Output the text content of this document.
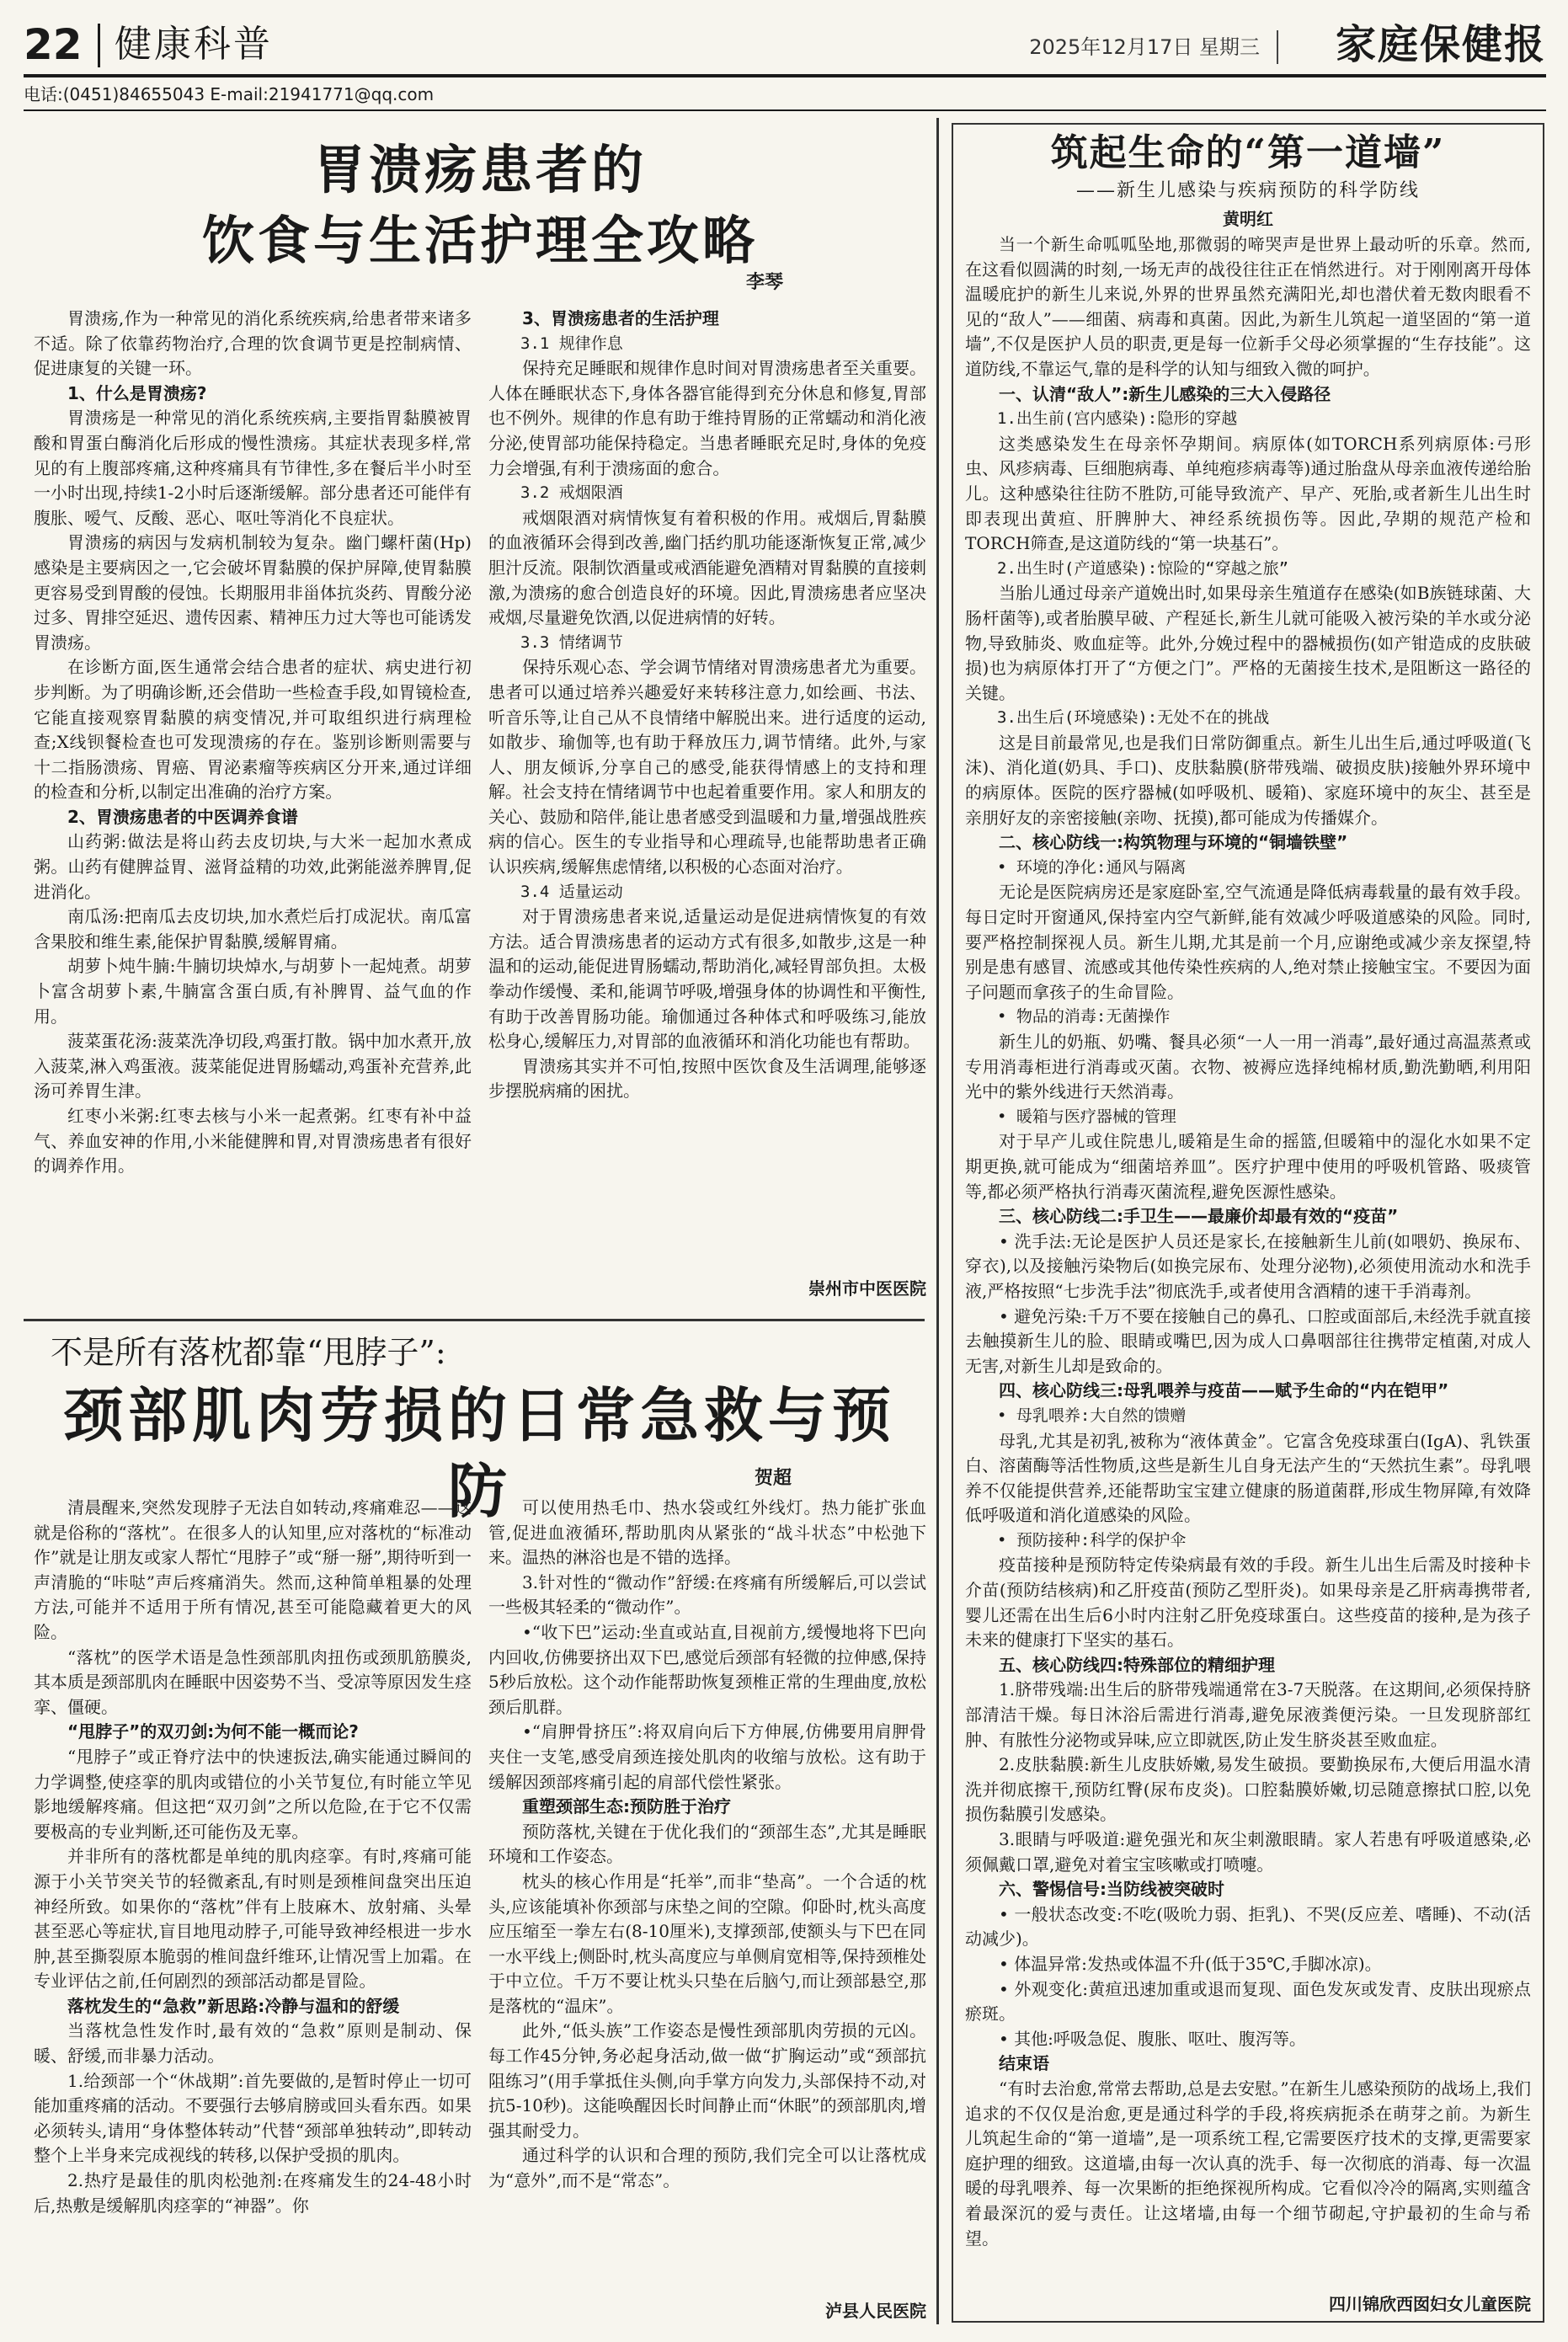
22 健康科普	2025年12月17日 星期三 家庭保健报
电话:(0451)84655043 E-mail:21941771@qq.com
胃溃疡患者的
饮食与生活护理全攻略
李琴

胃溃疡,作为一种常见的消化系统疾病,给患者带来诸多不适。除了依靠药物治疗,合理的饮食调节更是控制病情、促进康复的关键一环。

1、什么是胃溃疡?

胃溃疡是一种常见的消化系统疾病,主要指胃黏膜被胃酸和胃蛋白酶消化后形成的慢性溃疡。其症状表现多样,常见的有上腹部疼痛,这种疼痛具有节律性,多在餐后半小时至一小时出现,持续1-2小时后逐渐缓解。部分患者还可能伴有腹胀、嗳气、反酸、恶心、呕吐等消化不良症状。

胃溃疡的病因与发病机制较为复杂。幽门螺杆菌(Hp)感染是主要病因之一,它会破坏胃黏膜的保护屏障,使胃黏膜更容易受到胃酸的侵蚀。长期服用非甾体抗炎药、胃酸分泌过多、胃排空延迟、遗传因素、精神压力过大等也可能诱发胃溃疡。

在诊断方面,医生通常会结合患者的症状、病史进行初步判断。为了明确诊断,还会借助一些检查手段,如胃镜检查,它能直接观察胃黏膜的病变情况,并可取组织进行病理检查;X线钡餐检查也可发现溃疡的存在。鉴别诊断则需要与十二指肠溃疡、胃癌、胃泌素瘤等疾病区分开来,通过详细的检查和分析,以制定出准确的治疗方案。

2、胃溃疡患者的中医调养食谱

山药粥:做法是将山药去皮切块,与大米一起加水煮成粥。山药有健脾益胃、滋肾益精的功效,此粥能滋养脾胃,促进消化。

南瓜汤:把南瓜去皮切块,加水煮烂后打成泥状。南瓜富含果胶和维生素,能保护胃黏膜,缓解胃痛。

胡萝卜炖牛腩:牛腩切块焯水,与胡萝卜一起炖煮。胡萝卜富含胡萝卜素,牛腩富含蛋白质,有补脾胃、益气血的作用。

菠菜蛋花汤:菠菜洗净切段,鸡蛋打散。锅中加水煮开,放入菠菜,淋入鸡蛋液。菠菜能促进胃肠蠕动,鸡蛋补充营养,此汤可养胃生津。

红枣小米粥:红枣去核与小米一起煮粥。红枣有补中益气、养血安神的作用,小米能健脾和胃,对胃溃疡患者有很好的调养作用。

3、胃溃疡患者的生活护理
3.1 规律作息

保持充足睡眠和规律作息时间对胃溃疡患者至关重要。人体在睡眠状态下,身体各器官能得到充分休息和修复,胃部也不例外。规律的作息有助于维持胃肠的正常蠕动和消化液分泌,使胃部功能保持稳定。当患者睡眠充足时,身体的免疫力会增强,有利于溃疡面的愈合。

3.2 戒烟限酒

戒烟限酒对病情恢复有着积极的作用。戒烟后,胃黏膜的血液循环会得到改善,幽门括约肌功能逐渐恢复正常,减少胆汁反流。限制饮酒量或戒酒能避免酒精对胃黏膜的直接刺激,为溃疡的愈合创造良好的环境。因此,胃溃疡患者应坚决戒烟,尽量避免饮酒,以促进病情的好转。

3.3 情绪调节

保持乐观心态、学会调节情绪对胃溃疡患者尤为重要。患者可以通过培养兴趣爱好来转移注意力,如绘画、书法、听音乐等,让自己从不良情绪中解脱出来。进行适度的运动,如散步、瑜伽等,也有助于释放压力,调节情绪。此外,与家人、朋友倾诉,分享自己的感受,能获得情感上的支持和理解。社会支持在情绪调节中也起着重要作用。家人和朋友的关心、鼓励和陪伴,能让患者感受到温暖和力量,增强战胜疾病的信心。医生的专业指导和心理疏导,也能帮助患者正确认识疾病,缓解焦虑情绪,以积极的心态面对治疗。

3.4 适量运动

对于胃溃疡患者来说,适量运动是促进病情恢复的有效方法。适合胃溃疡患者的运动方式有很多,如散步,这是一种温和的运动,能促进胃肠蠕动,帮助消化,减轻胃部负担。太极拳动作缓慢、柔和,能调节呼吸,增强身体的协调性和平衡性,有助于改善胃肠功能。瑜伽通过各种体式和呼吸练习,能放松身心,缓解压力,对胃部的血液循环和消化功能也有帮助。

胃溃疡其实并不可怕,按照中医饮食及生活调理,能够逐步摆脱病痛的困扰。

崇州市中医医院
不是所有落枕都靠“甩脖子”:
颈部肌肉劳损的日常急救与预防	贺超

清晨醒来,突然发现脖子无法自如转动,疼痛难忍——这就是俗称的“落枕”。在很多人的认知里,应对落枕的“标准动作”就是让朋友或家人帮忙“甩脖子”或“掰一掰”,期待听到一声清脆的“咔哒”声后疼痛消失。然而,这种简单粗暴的处理方法,可能并不适用于所有情况,甚至可能隐藏着更大的风险。

“落枕”的医学术语是急性颈部肌肉扭伤或颈肌筋膜炎,其本质是颈部肌肉在睡眠中因姿势不当、受凉等原因发生痉挛、僵硬。

“甩脖子”的双刃剑:为何不能一概而论?

“甩脖子”或正脊疗法中的快速扳法,确实能通过瞬间的力学调整,使痉挛的肌肉或错位的小关节复位,有时能立竿见影地缓解疼痛。但这把“双刃剑”之所以危险,在于它不仅需要极高的专业判断,还可能伤及无辜。

并非所有的落枕都是单纯的肌肉痉挛。有时,疼痛可能源于小关节突关节的轻微紊乱,有时则是颈椎间盘突出压迫神经所致。如果你的“落枕”伴有上肢麻木、放射痛、头晕甚至恶心等症状,盲目地甩动脖子,可能导致神经根进一步水肿,甚至撕裂原本脆弱的椎间盘纤维环,让情况雪上加霜。在专业评估之前,任何剧烈的颈部活动都是冒险。

落枕发生的“急救”新思路:冷静与温和的舒缓

当落枕急性发作时,最有效的“急救”原则是制动、保暖、舒缓,而非暴力活动。

1.给颈部一个“休战期”:首先要做的,是暂时停止一切可能加重疼痛的活动。不要强行去够肩膀或回头看东西。如果必须转头,请用“身体整体转动”代替“颈部单独转动”,即转动整个上半身来完成视线的转移,以保护受损的肌肉。

2.热疗是最佳的肌肉松弛剂:在疼痛发生的24-48小时后,热敷是缓解肌肉痉挛的“神器”。你

可以使用热毛巾、热水袋或红外线灯。热力能扩张血管,促进血液循环,帮助肌肉从紧张的“战斗状态”中松弛下来。温热的淋浴也是不错的选择。

3.针对性的“微动作”舒缓:在疼痛有所缓解后,可以尝试一些极其轻柔的“微动作”。

•“收下巴”运动:坐直或站直,目视前方,缓慢地将下巴向内回收,仿佛要挤出双下巴,感觉后颈部有轻微的拉伸感,保持5秒后放松。这个动作能帮助恢复颈椎正常的生理曲度,放松颈后肌群。

•“肩胛骨挤压”:将双肩向后下方伸展,仿佛要用肩胛骨夹住一支笔,感受肩颈连接处肌肉的收缩与放松。这有助于缓解因颈部疼痛引起的肩部代偿性紧张。

重塑颈部生态:预防胜于治疗

预防落枕,关键在于优化我们的“颈部生态”,尤其是睡眠环境和工作姿态。

枕头的核心作用是“托举”,而非“垫高”。一个合适的枕头,应该能填补你颈部与床垫之间的空隙。仰卧时,枕头高度应压缩至一拳左右(8-10厘米),支撑颈部,使额头与下巴在同一水平线上;侧卧时,枕头高度应与单侧肩宽相等,保持颈椎处于中立位。千万不要让枕头只垫在后脑勺,而让颈部悬空,那是落枕的“温床”。

此外,“低头族”工作姿态是慢性颈部肌肉劳损的元凶。每工作45分钟,务必起身活动,做一做“扩胸运动”或“颈部抗阻练习”(用手掌抵住头侧,向手掌方向发力,头部保持不动,对抗5-10秒)。这能唤醒因长时间静止而“休眠”的颈部肌肉,增强其耐受力。

通过科学的认识和合理的预防,我们完全可以让落枕成为“意外”,而不是“常态”。

泸县人民医院
筑起生命的“第一道墙”
——新生儿感染与疾病预防的科学防线
黄明红

当一个新生命呱呱坠地,那微弱的啼哭声是世界上最动听的乐章。然而,在这看似圆满的时刻,一场无声的战役往往正在悄然进行。对于刚刚离开母体温暖庇护的新生儿来说,外界的世界虽然充满阳光,却也潜伏着无数肉眼看不见的“敌人”——细菌、病毒和真菌。因此,为新生儿筑起一道坚固的“第一道墙”,不仅是医护人员的职责,更是每一位新手父母必须掌握的“生存技能”。这道防线,不靠运气,靠的是科学的认知与细致入微的呵护。

一、认清“敌人”:新生儿感染的三大入侵路径
1.出生前(宫内感染):隐形的穿越

这类感染发生在母亲怀孕期间。病原体(如TORCH系列病原体:弓形虫、风疹病毒、巨细胞病毒、单纯疱疹病毒等)通过胎盘从母亲血液传递给胎儿。这种感染往往防不胜防,可能导致流产、早产、死胎,或者新生儿出生时即表现出黄疸、肝脾肿大、神经系统损伤等。因此,孕期的规范产检和TORCH筛查,是这道防线的“第一块基石”。

2.出生时(产道感染):惊险的“穿越之旅”

当胎儿通过母亲产道娩出时,如果母亲生殖道存在感染(如B族链球菌、大肠杆菌等),或者胎膜早破、产程延长,新生儿就可能吸入被污染的羊水或分泌物,导致肺炎、败血症等。此外,分娩过程中的器械损伤(如产钳造成的皮肤破损)也为病原体打开了“方便之门”。严格的无菌接生技术,是阻断这一路径的关键。

3.出生后(环境感染):无处不在的挑战

这是目前最常见,也是我们日常防御重点。新生儿出生后,通过呼吸道(飞沫)、消化道(奶具、手口)、皮肤黏膜(脐带残端、破损皮肤)接触外界环境中的病原体。医院的医疗器械(如呼吸机、暖箱)、家庭环境中的灰尘、甚至是亲朋好友的亲密接触(亲吻、抚摸),都可能成为传播媒介。

二、核心防线一:构筑物理与环境的“铜墙铁壁”
• 环境的净化:通风与隔离

无论是医院病房还是家庭卧室,空气流通是降低病毒载量的最有效手段。每日定时开窗通风,保持室内空气新鲜,能有效减少呼吸道感染的风险。同时,要严格控制探视人员。新生儿期,尤其是前一个月,应谢绝或减少亲友探望,特别是患有感冒、流感或其他传染性疾病的人,绝对禁止接触宝宝。不要因为面子问题而拿孩子的生命冒险。

• 物品的消毒:无菌操作

新生儿的奶瓶、奶嘴、餐具必须“一人一用一消毒”,最好通过高温蒸煮或专用消毒柜进行消毒或灭菌。衣物、被褥应选择纯棉材质,勤洗勤晒,利用阳光中的紫外线进行天然消毒。

• 暖箱与医疗器械的管理

对于早产儿或住院患儿,暖箱是生命的摇篮,但暖箱中的湿化水如果不定期更换,就可能成为“细菌培养皿”。医疗护理中使用的呼吸机管路、吸痰管等,都必须严格执行消毒灭菌流程,避免医源性感染。

三、核心防线二:手卫生——最廉价却最有效的“疫苗”

• 洗手法:无论是医护人员还是家长,在接触新生儿前(如喂奶、换尿布、穿衣),以及接触污染物后(如换完尿布、处理分泌物),必须使用流动水和洗手液,严格按照“七步洗手法”彻底洗手,或者使用含酒精的速干手消毒剂。

• 避免污染:千万不要在接触自己的鼻孔、口腔或面部后,未经洗手就直接去触摸新生儿的脸、眼睛或嘴巴,因为成人口鼻咽部往往携带定植菌,对成人无害,对新生儿却是致命的。

四、核心防线三:母乳喂养与疫苗——赋予生命的“内在铠甲”
• 母乳喂养:大自然的馈赠

母乳,尤其是初乳,被称为“液体黄金”。它富含免疫球蛋白(IgA)、乳铁蛋白、溶菌酶等活性物质,这些是新生儿自身无法产生的“天然抗生素”。母乳喂养不仅能提供营养,还能帮助宝宝建立健康的肠道菌群,形成生物屏障,有效降低呼吸道和消化道感染的风险。

• 预防接种:科学的保护伞

疫苗接种是预防特定传染病最有效的手段。新生儿出生后需及时接种卡介苗(预防结核病)和乙肝疫苗(预防乙型肝炎)。如果母亲是乙肝病毒携带者,婴儿还需在出生后6小时内注射乙肝免疫球蛋白。这些疫苗的接种,是为孩子未来的健康打下坚实的基石。

五、核心防线四:特殊部位的精细护理

1.脐带残端:出生后的脐带残端通常在3-7天脱落。在这期间,必须保持脐部清洁干燥。每日沐浴后需进行消毒,避免尿液粪便污染。一旦发现脐部红肿、有脓性分泌物或异味,应立即就医,防止发生脐炎甚至败血症。

2.皮肤黏膜:新生儿皮肤娇嫩,易发生破损。要勤换尿布,大便后用温水清洗并彻底擦干,预防红臀(尿布皮炎)。口腔黏膜娇嫩,切忌随意擦拭口腔,以免损伤黏膜引发感染。

3.眼睛与呼吸道:避免强光和灰尘刺激眼睛。家人若患有呼吸道感染,必须佩戴口罩,避免对着宝宝咳嗽或打喷嚏。

六、警惕信号:当防线被突破时

• 一般状态改变:不吃(吸吮力弱、拒乳)、不哭(反应差、嗜睡)、不动(活动减少)。

• 体温异常:发热或体温不升(低于35℃,手脚冰凉)。

• 外观变化:黄疸迅速加重或退而复现、面色发灰或发青、皮肤出现瘀点瘀斑。

• 其他:呼吸急促、腹胀、呕吐、腹泻等。

结束语

“有时去治愈,常常去帮助,总是去安慰。”在新生儿感染预防的战场上,我们追求的不仅仅是治愈,更是通过科学的手段,将疾病扼杀在萌芽之前。为新生儿筑起生命的“第一道墙”,是一项系统工程,它需要医疗技术的支撑,更需要家庭护理的细致。这道墙,由每一次认真的洗手、每一次彻底的消毒、每一次温暖的母乳喂养、每一次果断的拒绝探视所构成。它看似冷冷的隔离,实则蕴含着最深沉的爱与责任。让这堵墙,由每一个细节砌起,守护最初的生命与希望。

四川锦欣西囡妇女儿童医院
